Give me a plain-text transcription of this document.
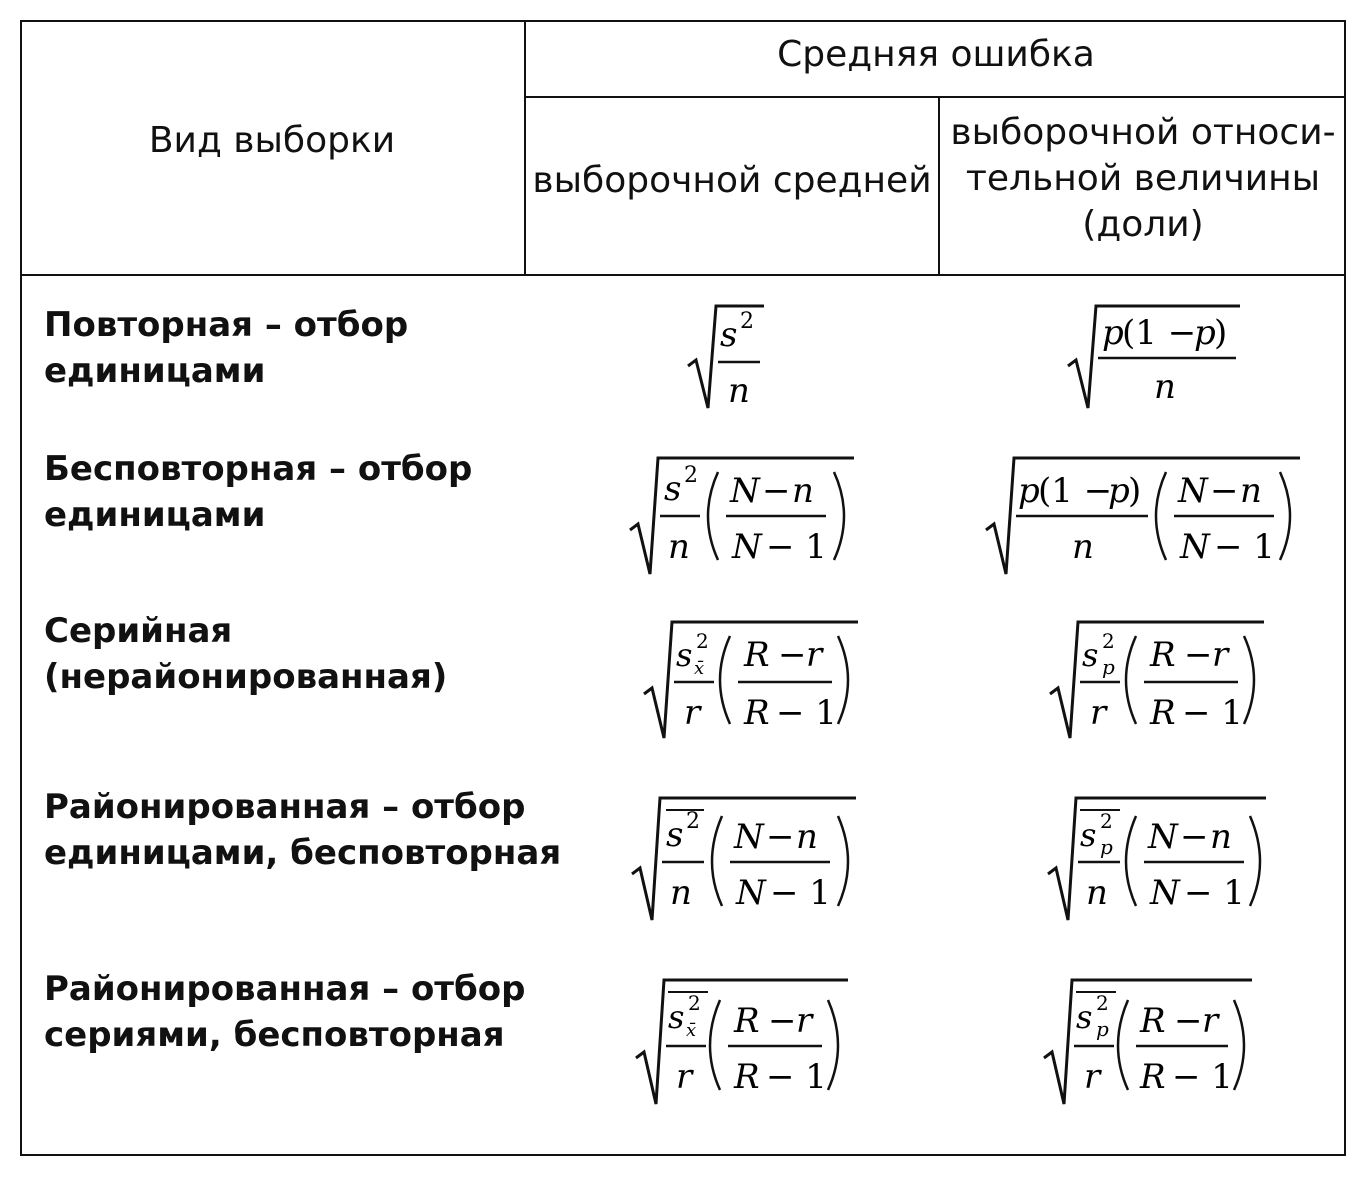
Вид выборки
Средняя ошибка
выборочной средней
выборочной относи-
тельной величины
(доли)
Повторная – отбор
единицами
Бесповторная – отбор
единицами
Серийная
(нерайонированная)
Районированная – отбор
единицами, бесповторная
Районированная – отбор
сериями, бесповторная
s 2
n
p
(1 −
p
)
n
s 2
n
N − n
N − 1
p
(1 −
p
)
n
N − n
N − 1
s 2
x̄
r
R − r
R − 1
s 2
p
r
R − r
R − 1
s 2
n
N − n
N − 1
s 2
p
n
N − n
N − 1
s 2
x̄
r
R − r
R − 1
s 2
p
r
R − r
R − 1
